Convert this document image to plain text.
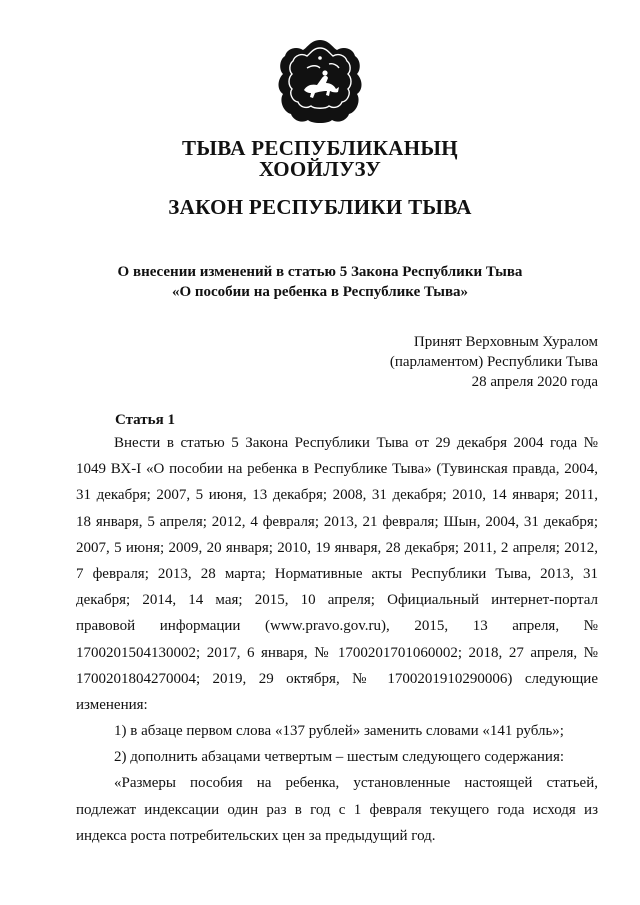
ТЫВА РЕСПУБЛИКАНЫҢ
ХООЙЛУЗУ
ЗАКОН РЕСПУБЛИКИ ТЫВА
О внесении изменений в статью 5 Закона Республики Тыва
«О пособии на ребенка в Республике Тыва»
Принят Верховным Хуралом
(парламентом) Республики Тыва
28 апреля 2020 года
Статья 1
Внести в статью 5 Закона Республики Тыва от 29 декабря 2004 года №
1049 ВХ-I «О пособии на ребенка в Республике Тыва» (Тувинская правда, 2004,
31 декабря; 2007, 5 июня, 13 декабря; 2008, 31 декабря; 2010, 14 января; 2011,
18 января, 5 апреля; 2012, 4 февраля; 2013, 21 февраля; Шын, 2004, 31 декабря;
2007, 5 июня; 2009, 20 января; 2010, 19 января, 28 декабря; 2011, 2 апреля; 2012,
7 февраля; 2013, 28 марта; Нормативные акты Республики Тыва, 2013, 31
декабря; 2014, 14 мая; 2015, 10 апреля; Официальный интернет-портал
правовой информации (www.pravo.gov.ru), 2015, 13 апреля, №
1700201504130002; 2017, 6 января, № 1700201701060002; 2018, 27 апреля, №
1700201804270004; 2019, 29 октября, № 1700201910290006) следующие
изменения:
1) в абзаце первом слова «137 рублей» заменить словами «141 рубль»;
2) дополнить абзацами четвертым – шестым следующего содержания:
«Размеры пособия на ребенка, установленные настоящей статьей,
подлежат индексации один раз в год с 1 февраля текущего года исходя из
индекса роста потребительских цен за предыдущий год.
